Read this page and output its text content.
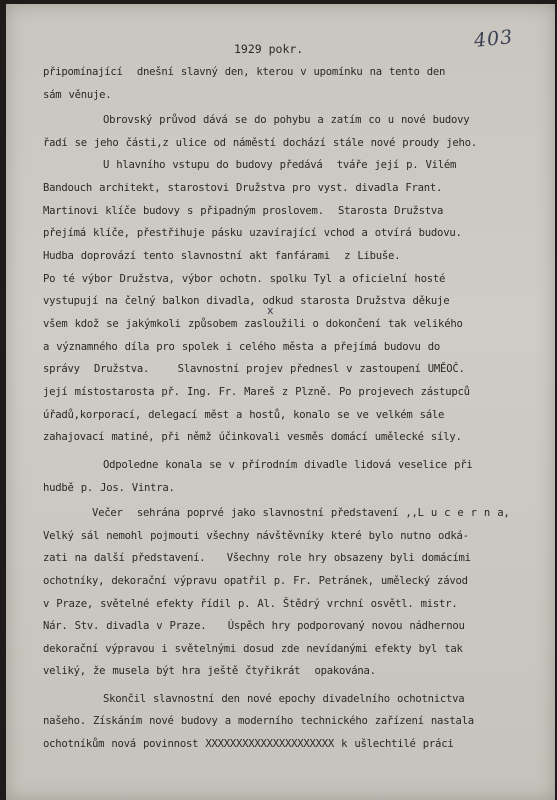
403
1929 pokr.
připomínající  dnešní slavný den, kterou v upomínku na tento den
sám věnuje.
Obrovský průvod dává se do pohybu a zatím co u nové budovy
řadí se jeho části,z ulice od náměstí dochází stále nové proudy jeho.
U hlavního vstupu do budovy předává  tváře její p. Vilém
Bandouch architekt, starostovi Družstva pro vyst. divadla Frant.
Martinovi klíče budovy s připadným proslovem.  Starosta Družstva
přejímá klíče, přestřihuje pásku uzavírající vchod a otvírá budovu.
Hudba doprovází tento slavnostní akt fanfárami  z Libuše.
Po té výbor Družstva, výbor ochotn. spolku Tyl a oficielní hosté
vystupují na čelný balkon divadla, odkud starosta Družstva děkuje
všem kdož se jakýmkoli způsobem zasloužili o dokončení tak velikého
a významného díla pro spolek i celého města a přejímá budovu do
správy  Družstva.    Slavnostní projev přednesl v zastoupení UMĚOČ.
její místostarosta př. Ing. Fr. Mareš z Plzně. Po projevech zástupců
úřadů,korporací, delegací měst a hostů, konalo se ve velkém sále
zahajovací matiné, při němž účinkovali vesměs domácí umělecké síly.
Odpoledne konala se v přírodním divadle lidová veselice při
hudbě p. Jos. Vintra.
Večer  sehrána poprvé jako slavnostní představení ,,L u c e r n a,
Velký sál nemohl pojmouti všechny návštěvníky které bylo nutno odká-
zati na další představení.   Všechny role hry obsazeny byli domácími
ochotníky, dekorační výpravu opatřil p. Fr. Petránek, umělecký závod
v Praze, světelné efekty řídil p. Al. Štědrý vrchní osvětl. mistr.
Nár. Stv. divadla v Praze.   Úspěch hry podporovaný novou nádhernou
dekorační výpravou i světelnými dosud zde nevídanými efekty byl tak
veliký, že musela být hra ještě čtyřikrát  opakována.
Skončil slavnostní den nové epochy divadelního ochotnictva
našeho. Získáním nové budovy a moderního technického zařízení nastala
ochotníkům nová povinnost XXXXXXXXXXXXXXXXXXXXX k ušlechtilé práci
x
